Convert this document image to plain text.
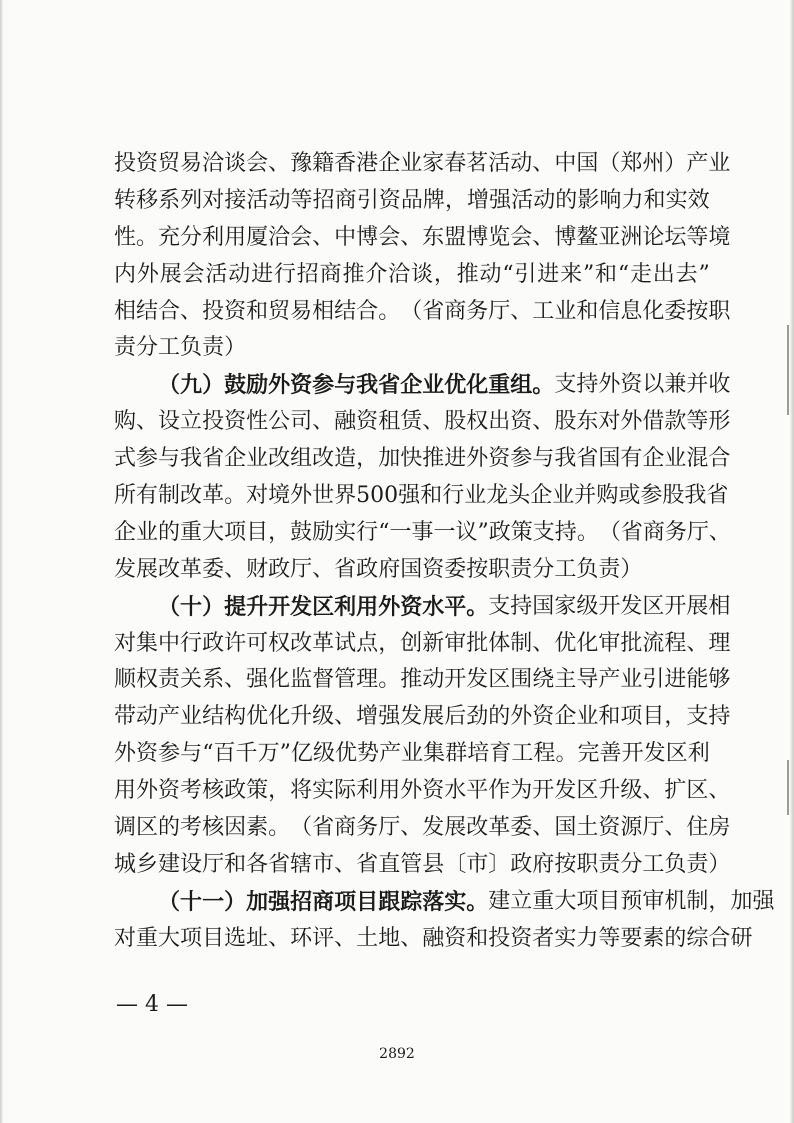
投 资 贸 易 洽 谈 会 、 豫 籍 香 港 企 业 家 春 茗 活 动 、 中 国 （ 郑 州 ） 产 业
转 移 系 列 对 接 活 动 等 招 商 引 资 品 牌 ， 增 强 活 动 的 影 响 力 和 实 效
性 。 充 分 利 用 厦 洽 会 、 中 博 会 、 东 盟 博 览 会 、 博 鳌 亚 洲 论 坛 等 境
内 外 展 会 活 动 进 行 招 商 推 介 洽 谈 ， 推 动 “ 引 进 来 ” 和 “ 走 出 去 ”
相 结 合 、 投 资 和 贸 易 相 结 合 。 （ 省 商 务 厅 、 工 业 和 信 息 化 委 按 职
责 分 工 负 责 ）

（ 九 ） 鼓 励 外 资 参 与 我 省 企 业 优 化 重 组 。 支 持 外 资 以 兼 并 收
购 、 设 立 投 资 性 公 司 、 融 资 租 赁 、 股 权 出 资 、 股 东 对 外 借 款 等 形
式 参 与 我 省 企 业 改 组 改 造 ， 加 快 推 进 外 资 参 与 我 省 国 有 企 业 混 合
所 有 制 改 革 。 对 境 外 世 界 500 强 和 行 业 龙 头 企 业 并 购 或 参 股 我 省
企 业 的 重 大 项 目 ， 鼓 励 实 行 “ 一 事 一 议 ” 政 策 支 持 。 （ 省 商 务 厅 、
发 展 改 革 委 、 财 政 厅 、 省 政 府 国 资 委 按 职 责 分 工 负 责 ）

（ 十 ） 提 升 开 发 区 利 用 外 资 水 平 。 支 持 国 家 级 开 发 区 开 展 相
对 集 中 行 政 许 可 权 改 革 试 点 ， 创 新 审 批 体 制 、 优 化 审 批 流 程 、 理
顺 权 责 关 系 、 强 化 监 督 管 理 。 推 动 开 发 区 围 绕 主 导 产 业 引 进 能 够
带 动 产 业 结 构 优 化 升 级 、 增 强 发 展 后 劲 的 外 资 企 业 和 项 目 ， 支 持
外 资 参 与 “ 百 千 万 ” 亿 级 优 势 产 业 集 群 培 育 工 程 。 完 善 开 发 区 利
用 外 资 考 核 政 策 ， 将 实 际 利 用 外 资 水 平 作 为 开 发 区 升 级 、 扩 区 、
调 区 的 考 核 因 素 。 （ 省 商 务 厅 、 发 展 改 革 委 、 国 土 资 源 厅 、 住 房
城 乡 建 设 厅 和 各 省 辖 市 、 省 直 管 县 〔 市 〕 政 府 按 职 责 分 工 负 责 ）

（ 十 一 ） 加 强 招 商 项 目 跟 踪 落 实 。 建 立 重 大 项 目 预 审 机 制 ， 加 强
对 重 大 项 目 选 址 、 环 评 、 土 地 、 融 资 和 投 资 者 实 力 等 要 素 的 综 合 研
— 4 —
2892
